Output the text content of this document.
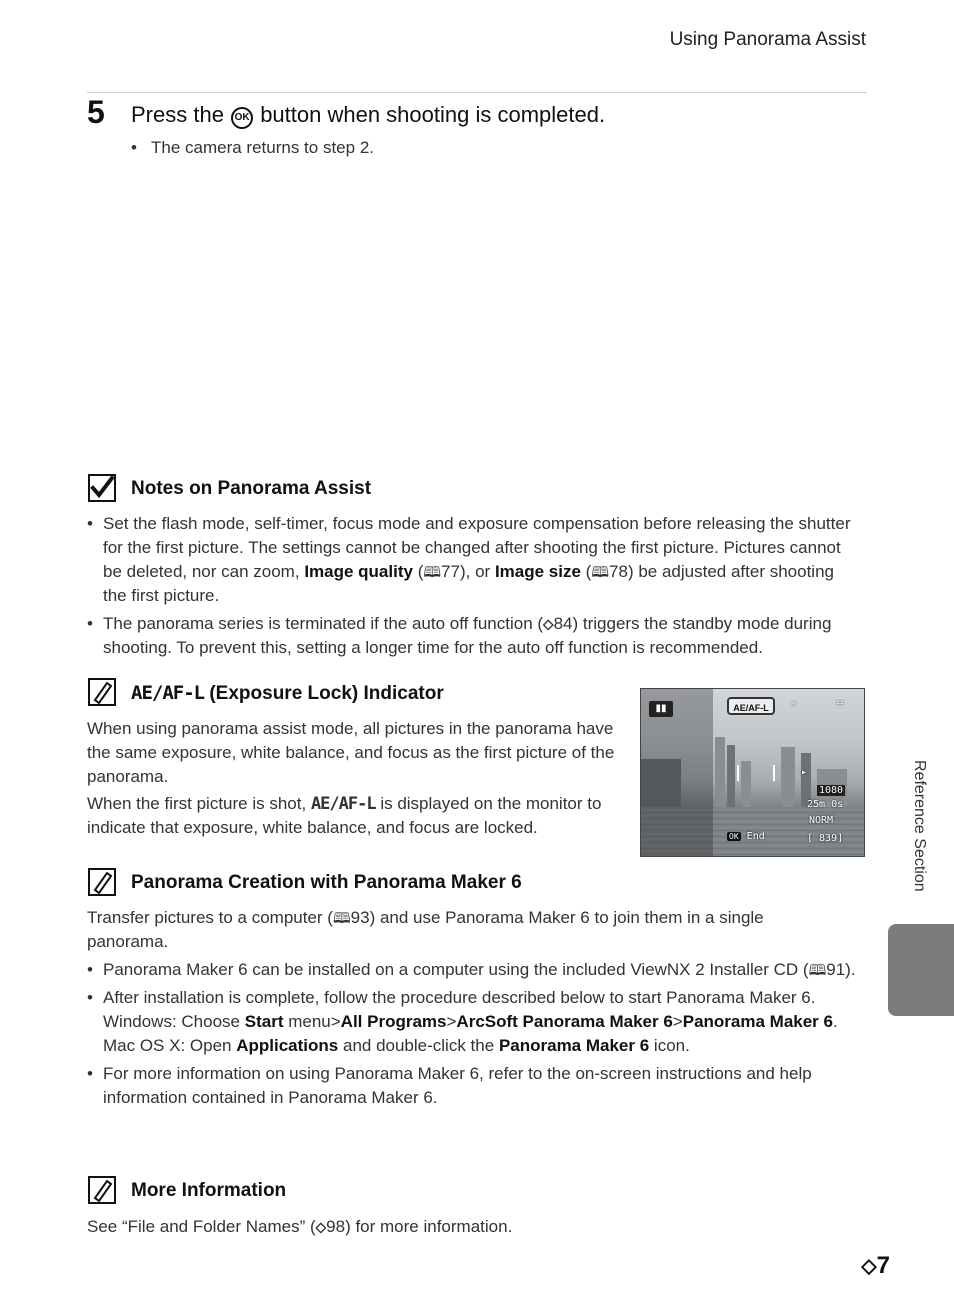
Using Panorama Assist
5 Press the OK button when shooting is completed.
• The camera returns to step 2.
Notes on Panorama Assist
• Set the flash mode, self-timer, focus mode and exposure compensation before releasing the shutter for the first picture. The settings cannot be changed after shooting the first picture. Pictures cannot be deleted, nor can zoom, Image quality (🕮77), or Image size (🕮78) be adjusted after shooting the first picture.
• The panorama series is terminated if the auto off function (⬦84) triggers the standby mode during shooting. To prevent this, setting a longer time for the auto off function is recommended.
AE/AF-L (Exposure Lock) Indicator
When using panorama assist mode, all pictures in the panorama have the same exposure, white balance, and focus as the first picture of the panorama.
When the first picture is shot, AE/AF-L is displayed on the monitor to indicate that exposure, white balance, and focus are locked.
▮▮	AE/AF-L	⚡	▭
▸
1080
25m 0s
NORM
OK End	[ 839]
Panorama Creation with Panorama Maker 6
Transfer pictures to a computer (🕮93) and use Panorama Maker 6 to join them in a single panorama.
• Panorama Maker 6 can be installed on a computer using the included ViewNX 2 Installer CD (🕮91).
• After installation is complete, follow the procedure described below to start Panorama Maker 6.
Windows: Choose Start menu>All Programs>ArcSoft Panorama Maker 6>Panorama Maker 6.
Mac OS X: Open Applications and double-click the Panorama Maker 6 icon.
• For more information on using Panorama Maker 6, refer to the on-screen instructions and help information contained in Panorama Maker 6.
More Information
See “File and Folder Names” (⬦98) for more information.
Reference Section
⬦7
